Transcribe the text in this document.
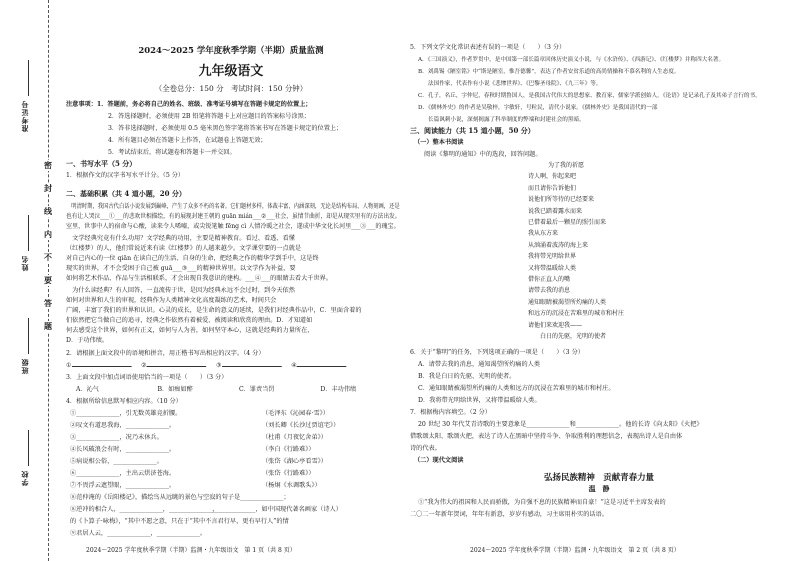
准考证号
姓名
班级
学校
密
封
线
内
不
要
答
题
2024～2025 学年度秋季学期（半期）质量监测
九年级语文
（全卷总分：150 分　考试时间：150 分钟）
注意事项：1．答题前，务必将自己的姓名、班级、准考证号填写在答题卡规定的位置上；
2．答选择题时，必须使用 2B 铅笔将答题卡上对应题目的答案标号涂黑；
3．答非选择题时，必须使用 0.5 毫米黑色签字笔将答案书写在答题卡规定的位置上；
4．所有题目必须在答题卡上作答，在试题卷上答题无效；
5．考试结束后，将试题卷和答题卡一并交回。
一、书写水平（5 分）
1．根据作文的汉字书写水平计分。（5 分）
二、基础积累（共 4 道小题，20 分）
　明清时期，我国古代白话小说发展到巅峰，产生了众多不朽的名著。它们题材多样，体裁丰富，内涵深刻，无论是结构布局、人物刻画，还是
也有让人哭泣___①___的悲欢世相描绘，有的展现封建王朝的 guān mián___②___社会，虽情节曲折，却是从现实里有的方法出发。
室里，世事中人的宿命与心酸，读来令人唏嘘，或尖锐笔触 fēng cì 人情冷暖之社会，遂成中华文化长河里___③___的瑰宝。
　文学经典究竟有什么功用？文学经典的功用，主要是精神教育。看过、看透、看懂
（红楼梦）的人，他们常说近来有读《红楼梦》的人越来越少。文学课堂要的一点就是
对自己内心的一位 qiān 在读自己的生活、自身的生命，把经典之作的精华学到手中，这是终
现实的世界，才不会受困于自己被 guā___③___的精神世界里。以文学作为补益，要
如何将艺术作品、作品与生活相联系，才会出现自我意识的建构。___④___的眼睛去看大千世界。
　为什么读经典？有人回答，一直流传于世，是因为经典永远不会过时，到今天依然
如何对世界和人生的审视，经典作为人类精神文化高度凝练的艺术，时间只会
广阔，丰富了我们的世界和认识。心灵的成长，是生命的意义的延续，是我们对经典作品中，C．里面含着的
们依然把它当做自己的追寻，经典之作依然有着被爱、被阅读和欣赏的理由。D．才知道如
何去感受这个世界，如何有正义，如何与人为善，如何坚守本心，这就是经典的力量所在，
D．于功伟绩。
2．请根据上面文段中的语境和拼音，用正楷书写出相应的汉字。（4 分）
①	②	③	④
3．上面文段中加点词语使用恰当的一项是（　　）（3 分）
A．沁气	B．如痴如醉	C．罪责当罚	D．丰功伟绩
4．根据所给信息默写相应内容。（10 分）
①______________，引无数英雄竞折腰。	（毛泽东《沁园春·雪》）
②叹文有道思我海，______________。	（刘长卿《长沙过贾谊宅》）
③______________，况乃未休兵。	（杜甫《月夜忆舍弟》）
④长风破浪会有时，______________。	（李白《行路难》）
⑤病说相公俗，______________。	（张岱《湖心亭看雪》）
⑥______________，主出云烘济苍海。	（张岱《行路难》）
⑦不畏浮云遮望眼，______________。	（杨炯《水调歌头》）
⑧范仲淹的《岳阳楼记》，描绘鸟从远眺的景色与空寂的句子是______________；
⑧逆冲的相合人，______________，______________，
______________，如中国现代著名画家（诗人）
的《卜算子·咏梅》，“其中不愿之意，只在于“其中不言君行早，更有早行人”的情
⑨君居人云，______________，______________。
2024～2025 学年度秋季学期（半期）监测・九年级语文　第 1 页（共 8 页）
5．下列文学文化常识表述有误的一项是（　　）（3 分）
A．《三国演义》，作者罗贯中，是中国第一部长篇章回体历史演义小说，与《水浒传》、《西游记》、《红楼梦》并称四大名著。
B．刘禹锡《陋室铭》中“斯是陋室，惟吾德馨”，表达了作者安贫乐道的高尚情操和不慕名利的人生态度。
法国作家，代表作有小说《悲惨世界》、《巴黎圣母院》、《九三年》等。
C．孔子，名丘，字仲尼，春秋时期鲁国人，是我国古代伟大的思想家、教育家，儒家学派创始人。《论语》是记录孔子及其弟子言行的书。
D．《儒林外史》的作者是吴敬梓，字敏轩，号粒民，清代小说家。《儒林外史》是我国清代的一部
长篇讽刺小说，深刻揭露了科举制度的弊端和封建社会的黑暗。
三、阅读能力（共 15 道小题，50 分）
（一）整本书阅读
阅读《黎明的通知》中的选段，回答问题。
为了我的祈愿
诗人啊，你起来吧
而且请你告诉他们
说他们所等待的已经要来
说我已踏着露水而来
已借着最后一颗星的照引而来
我从东方来
从汹涌着波涛的海上来
我将带光明给世界
又将带温暖给人类
借你正直人的嘴
请带去我的消息
通知眼睛被渴望所灼痛的人类
和远方的沉浸在苦难里的城市和村庄
请他们来欢迎我——
白日的先驱，光明的使者
6．关于“黎明”的任务，下列选项正确的一项是（　　）（3 分）
A．请带去我的消息，通知渴望所灼痛的人类
B．我是白日的先驱、光明的使者。
C．通知眼睛被渴望所灼痛的人类和远方的沉浸在苦难里的城市和村庄。
D．我将带光明给世界，又将带温暖给人类。
7．根据梅内容填空。（2 分）
20 世纪 30 年代艾青诗歌的主要意象是______________和______________。他的长诗《向太阳》《火把》
借歌颂太阳、歌颂火把，表达了诗人在黑暗中坚持斗争、争取胜利的理想信念，表现出诗人是自由体
诗的代表。
（二）现代文阅读
弘扬民族精神　贡献青春力量
温　静
①“我为伟大的祖国和人民而骄傲，为自强不息的民族精神而自豪！”这是习近平主席发表的
二〇二一年新年贺词，年年有新意，岁岁有感动，习主席用朴实的话语。
2024～2025 学年度秋季学期（半期）监测・九年级语文　第 2 页（共 8 页）
